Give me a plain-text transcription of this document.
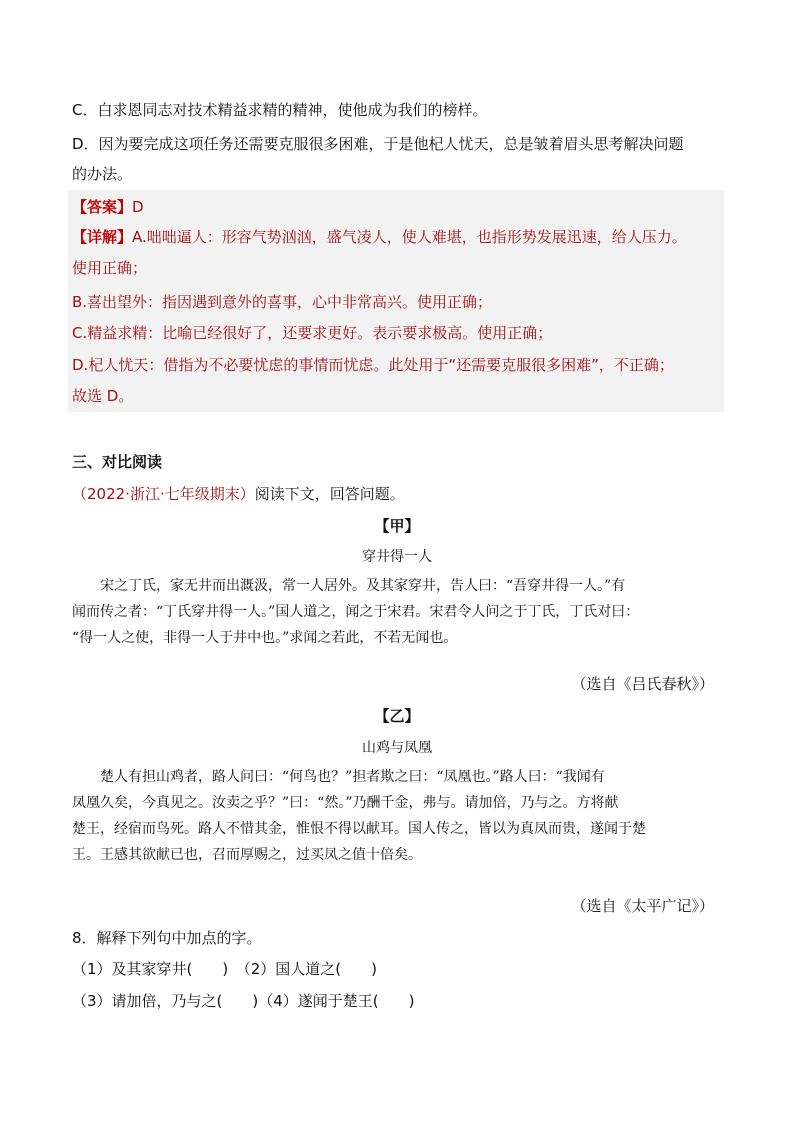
C．白求恩同志对技术精益求精的精神，使他成为我们的榜样。
D．因为要完成这项任务还需要克服很多困难，于是他杞人忧天，总是皱着眉头思考解决问题
的办法。
【答案】D
【详解】A.咄咄逼人：形容气势汹汹，盛气凌人，使人难堪，也指形势发展迅速，给人压力。
使用正确；
B.喜出望外：指因遇到意外的喜事，心中非常高兴。使用正确；
C.精益求精：比喻已经很好了，还要求更好。表示要求极高。使用正确；
D.杞人忧天：借指为不必要忧虑的事情而忧虑。此处用于“还需要克服很多困难”，不正确；
故选 D。
三、对比阅读
（2022·浙江·七年级期末）阅读下文，回答问题。
【甲】
穿井得一人
宋之丁氏，家无井而出溉汲，常一人居外。及其家穿井，告人曰：“吾穿井得一人。”有
闻而传之者：“丁氏穿井得一人。”国人道之，闻之于宋君。宋君令人问之于丁氏，丁氏对曰：
“得一人之使，非得一人于井中也。”求闻之若此，不若无闻也。
（选自《吕氏春秋》）
【乙】
山鸡与凤凰
楚人有担山鸡者，路人问曰：“何鸟也？”担者欺之曰：“凤凰也。”路人曰：“我闻有
凤凰久矣，今真见之。汝卖之乎？”曰：“然。”乃酬千金，弗与。请加倍，乃与之。方将献
楚王，经宿而鸟死。路人不惜其金，惟恨不得以献耳。国人传之，皆以为真凤而贵，遂闻于楚
王。王感其欲献已也，召而厚赐之，过买凤之值十倍矣。
（选自《太平广记》）
8．解释下列句中加点的字。
（1）及其家穿井(　　)　（2）国人道之(　　)
（3）请加倍，乃与之(　　)（4）遂闻于楚王(　　)
